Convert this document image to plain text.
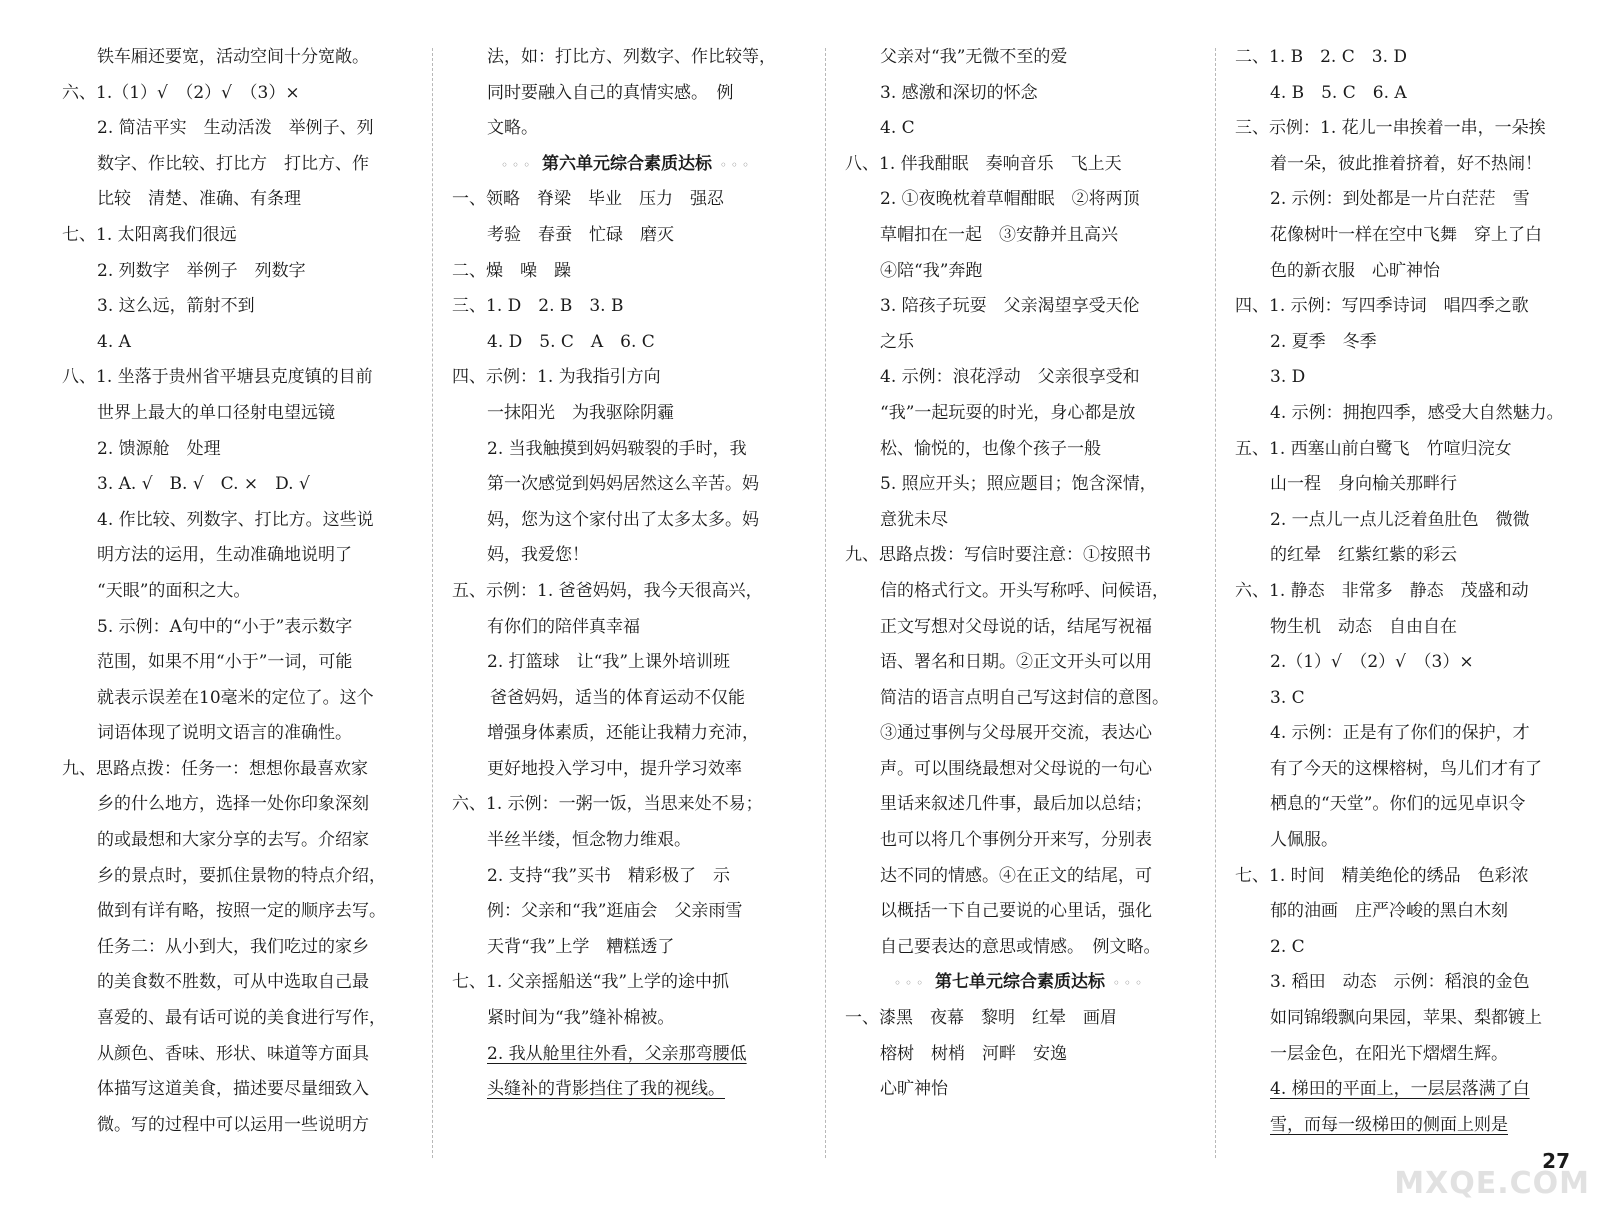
铁车厢还要宽，活动空间十分宽敞。
六、1.（1）√　（2）√　（3）×
2. 简洁平实　生动活泼　举例子、列
数字、作比较、打比方　打比方、作
比较　清楚、准确、有条理
七、1. 太阳离我们很远
2. 列数字　举例子　列数字
3. 这么远，箭射不到
4. A
八、1. 坐落于贵州省平塘县克度镇的目前
世界上最大的单口径射电望远镜
2. 馈源舱　处理
3. A. √　B. √　C. ×　D. √
4. 作比较、列数字、打比方。这些说
明方法的运用，生动准确地说明了
“天眼”的面积之大。
5. 示例：A句中的“小于”表示数字
范围，如果不用“小于”一词，可能
就表示误差在10毫米的定位了。这个
词语体现了说明文语言的准确性。
九、思路点拨：任务一：想想你最喜欢家
乡的什么地方，选择一处你印象深刻
的或最想和大家分享的去写。介绍家
乡的景点时，要抓住景物的特点介绍，
做到有详有略，按照一定的顺序去写。
任务二：从小到大，我们吃过的家乡
的美食数不胜数，可从中选取自己最
喜爱的、最有话可说的美食进行写作，
从颜色、香味、形状、味道等方面具
体描写这道美食，描述要尽量细致入
微。写的过程中可以运用一些说明方
法，如：打比方、列数字、作比较等，
同时要融入自己的真情实感。　例
文略。
◦◦◦ 第六单元综合素质达标 ◦◦◦
一、领略　脊梁　毕业　压力　强忍
考验　春蚕　忙碌　磨灭
二、燥　噪　躁
三、1. D　2. B　3. B
4. D　5. C　A　6. C
四、示例：1. 为我指引方向
一抹阳光　为我驱除阴霾
2. 当我触摸到妈妈皲裂的手时，我
第一次感觉到妈妈居然这么辛苦。妈
妈，您为这个家付出了太多太多。妈
妈，我爱您！
五、示例：1. 爸爸妈妈，我今天很高兴，
有你们的陪伴真幸福
2. 打篮球　让“我”上课外培训班
爸爸妈妈，适当的体育运动不仅能
增强身体素质，还能让我精力充沛，
更好地投入学习中，提升学习效率
六、1. 示例：一粥一饭，当思来处不易；
半丝半缕，恒念物力维艰。
2. 支持“我”买书　精彩极了　示
例：父亲和“我”逛庙会　父亲雨雪
天背“我”上学　糟糕透了
七、1. 父亲摇船送“我”上学的途中抓
紧时间为“我”缝补棉被。
2. 我从舱里往外看，父亲那弯腰低
头缝补的背影挡住了我的视线。
父亲对“我”无微不至的爱
3. 感激和深切的怀念
4. C
八、1. 伴我酣眠　奏响音乐　飞上天
2. ①夜晚枕着草帽酣眠　②将两顶
草帽扣在一起　③安静并且高兴
④陪“我”奔跑
3. 陪孩子玩耍　父亲渴望享受天伦
之乐
4. 示例：浪花浮动　父亲很享受和
“我”一起玩耍的时光，身心都是放
松、愉悦的，也像个孩子一般
5. 照应开头；照应题目；饱含深情，
意犹未尽
九、思路点拨：写信时要注意：①按照书
信的格式行文。开头写称呼、问候语，
正文写想对父母说的话，结尾写祝福
语、署名和日期。②正文开头可以用
简洁的语言点明自己写这封信的意图。
③通过事例与父母展开交流，表达心
声。可以围绕最想对父母说的一句心
里话来叙述几件事，最后加以总结；
也可以将几个事例分开来写，分别表
达不同的情感。④在正文的结尾，可
以概括一下自己要说的心里话，强化
自己要表达的意思或情感。　例文略。
◦◦◦ 第七单元综合素质达标 ◦◦◦
一、漆黑　夜幕　黎明　红晕　画眉
榕树　树梢　河畔　安逸
心旷神怡
二、1. B　2. C　3. D
4. B　5. C　6. A
三、示例：1. 花儿一串挨着一串，一朵挨
着一朵，彼此推着挤着，好不热闹！
2. 示例：到处都是一片白茫茫　雪
花像树叶一样在空中飞舞　穿上了白
色的新衣服　心旷神怡
四、1. 示例：写四季诗词　唱四季之歌
2. 夏季　冬季
3. D
4. 示例：拥抱四季，感受大自然魅力。
五、1. 西塞山前白鹭飞　竹喧归浣女
山一程　身向榆关那畔行
2. 一点儿一点儿泛着鱼肚色　微微
的红晕　红紫红紫的彩云
六、1. 静态　非常多　静态　茂盛和动
物生机　动态　自由自在
2.（1）√　（2）√　（3）×
3. C
4. 示例：正是有了你们的保护，才
有了今天的这棵榕树，鸟儿们才有了
栖息的“天堂”。你们的远见卓识令
人佩服。
七、1. 时间　精美绝伦的绣品　色彩浓
郁的油画　庄严冷峻的黑白木刻
2. C
3. 稻田　动态　示例：稻浪的金色
如同锦缎飘向果园，苹果、梨都镀上
一层金色，在阳光下熠熠生辉。
4. 梯田的平面上，一层层落满了白
雪，而每一级梯田的侧面上则是
27
MXQE.COM
